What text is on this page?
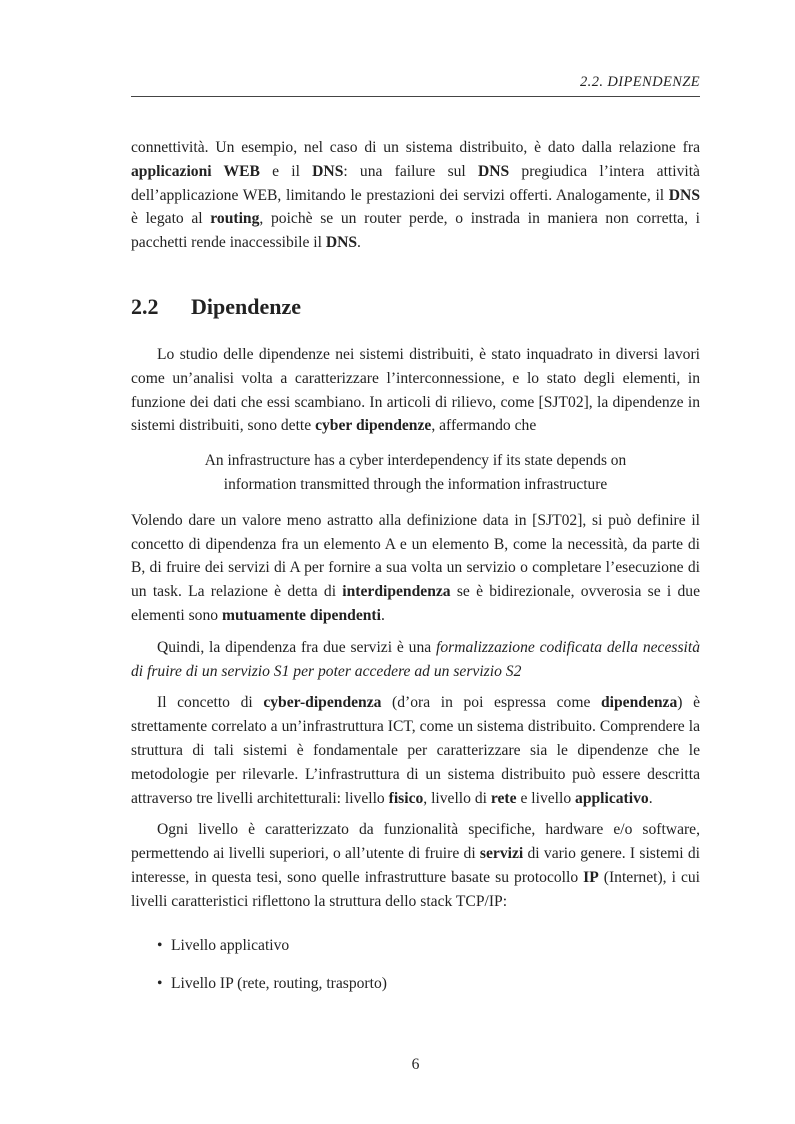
2.2. DIPENDENZE

connettività. Un esempio, nel caso di un sistema distribuito, è dato dalla relazione fra applicazioni WEB e il DNS: una failure sul DNS pregiudica l’intera attività dell’applicazione WEB, limitando le prestazioni dei servizi offerti. Analogamente, il DNS è legato al routing, poichè se un router perde, o instrada in maniera non corretta, i pacchetti rende inaccessibile il DNS.

2.2 Dipendenze

Lo studio delle dipendenze nei sistemi distribuiti, è stato inquadrato in diversi lavori come un’analisi volta a caratterizzare l’interconnessione, e lo stato degli elementi, in funzione dei dati che essi scambiano. In articoli di rilievo, come [SJT02], la dipendenze in sistemi distribuiti, sono dette cyber dipendenze, affermando che

An infrastructure has a cyber interdependency if its state depends on
information transmitted through the information infrastructure

Volendo dare un valore meno astratto alla definizione data in [SJT02], si può definire il concetto di dipendenza fra un elemento A e un elemento B, come la necessità, da parte di B, di fruire dei servizi di A per fornire a sua volta un servizio o completare l’esecuzione di un task. La relazione è detta di interdipendenza se è bidirezionale, ovverosia se i due elementi sono mutuamente dipendenti.

Quindi, la dipendenza fra due servizi è una formalizzazione codificata della necessità di fruire di un servizio S1 per poter accedere ad un servizio S2

Il concetto di cyber-dipendenza (d’ora in poi espressa come dipendenza) è strettamente correlato a un’infrastruttura ICT, come un sistema distribuito. Comprendere la struttura di tali sistemi è fondamentale per caratterizzare sia le dipendenze che le metodologie per rilevarle. L’infrastruttura di un sistema distribuito può essere descritta attraverso tre livelli architetturali: livello fisico, livello di rete e livello applicativo.

Ogni livello è caratterizzato da funzionalità specifiche, hardware e/o software, permettendo ai livelli superiori, o all’utente di fruire di servizi di vario genere. I sistemi di interesse, in questa tesi, sono quelle infrastrutture basate su protocollo IP (Internet), i cui livelli caratteristici riflettono la struttura dello stack TCP/IP:

• Livello applicativo
• Livello IP (rete, routing, trasporto)
6
